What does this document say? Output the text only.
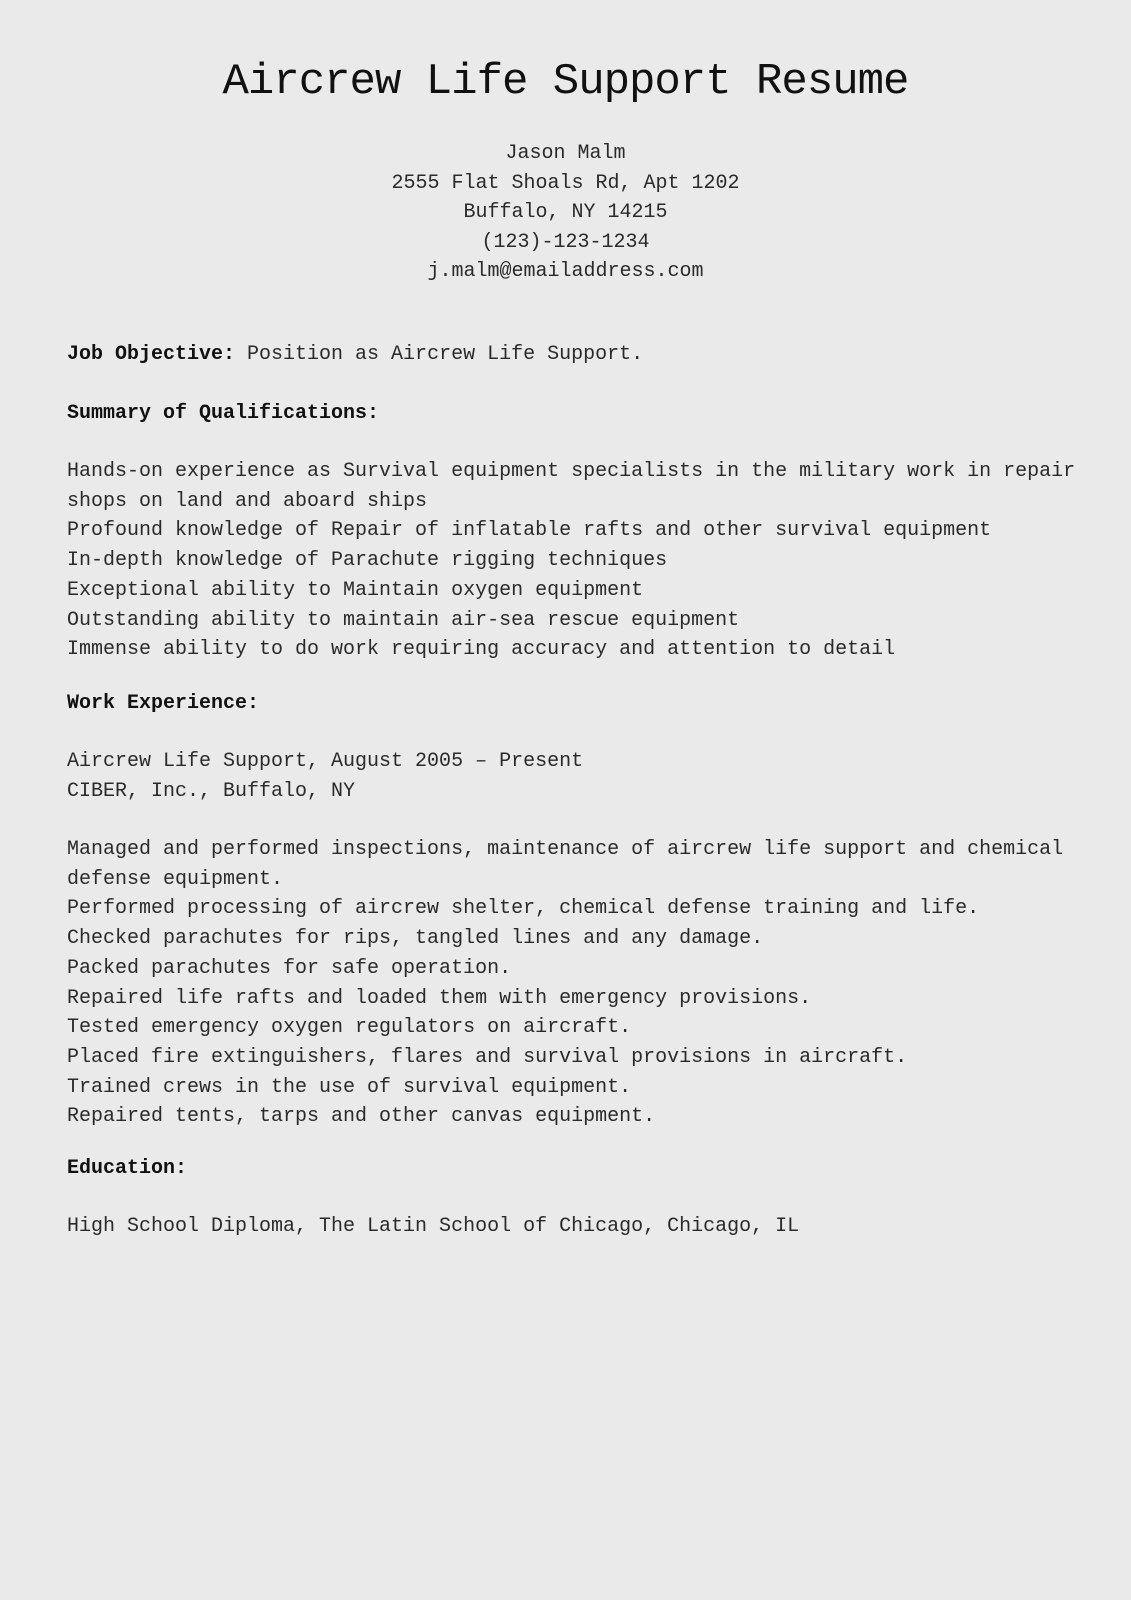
Aircrew Life Support Resume
Jason Malm
2555 Flat Shoals Rd, Apt 1202
Buffalo, NY 14215
(123)-123-1234
j.malm@emailaddress.com
Job Objective: Position as Aircrew Life Support.
Summary of Qualifications:
Hands-on experience as Survival equipment specialists in the military work in repair shops on land and aboard ships
Profound knowledge of Repair of inflatable rafts and other survival equipment
In-depth knowledge of Parachute rigging techniques
Exceptional ability to Maintain oxygen equipment
Outstanding ability to maintain air-sea rescue equipment
Immense ability to do work requiring accuracy and attention to detail
Work Experience:
Aircrew Life Support, August 2005 – Present
CIBER, Inc., Buffalo, NY
Managed and performed inspections, maintenance of aircrew life support and chemical defense equipment.
Performed processing of aircrew shelter, chemical defense training and life.
Checked parachutes for rips, tangled lines and any damage.
Packed parachutes for safe operation.
Repaired life rafts and loaded them with emergency provisions.
Tested emergency oxygen regulators on aircraft.
Placed fire extinguishers, flares and survival provisions in aircraft.
Trained crews in the use of survival equipment.
Repaired tents, tarps and other canvas equipment.
Education:
High School Diploma, The Latin School of Chicago, Chicago, IL
